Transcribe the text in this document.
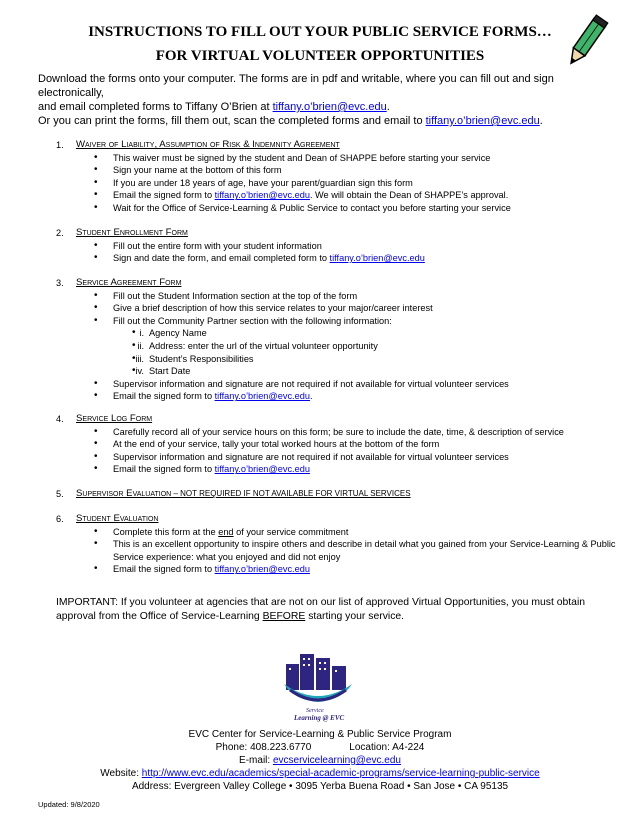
INSTRUCTIONS TO FILL OUT YOUR PUBLIC SERVICE FORMS…
FOR VIRTUAL VOLUNTEER OPPORTUNITIES

Download the forms onto your computer. The forms are in pdf and writable, where you can fill out and sign electronically,

and email completed forms to Tiffany O’Brien at tiffany.o’brien@evc.edu.

Or you can print the forms, fill them out, scan the completed forms and email to tiffany.o’brien@evc.edu.

1. Waiver of Liability, Assumption of Risk & Indemnity Agreement
• This waiver must be signed by the student and Dean of SHAPPE before starting your service
• Sign your name at the bottom of this form
• If you are under 18 years of age, have your parent/guardian sign this form
• Email the signed form to tiffany.o’brien@evc.edu. We will obtain the Dean of SHAPPE’s approval.
• Wait for the Office of Service-Learning & Public Service to contact you before starting your service
2. Student Enrollment Form
• Fill out the entire form with your student information
• Sign and date the form, and email completed form to tiffany.o’brien@evc.edu
3. Service Agreement Form
• Fill out the Student Information section at the top of the form
• Give a brief description of how this service relates to your major/career interest
• Fill out the Community Partner section with the following information:
• i. Agency Name
• ii. Address: enter the url of the virtual volunteer opportunity
• iii. Student’s Responsibilities
• iv. Start Date
• Supervisor information and signature are not required if not available for virtual volunteer services
• Email the signed form to tiffany.o’brien@evc.edu.
4. Service Log Form
• Carefully record all of your service hours on this form; be sure to include the date, time, & description of service
• At the end of your service, tally your total worked hours at the bottom of the form
• Supervisor information and signature are not required if not available for virtual volunteer services
• Email the signed form to tiffany.o’brien@evc.edu
5. Supervisor Evaluation – NOT REQUIRED IF NOT AVAILABLE FOR VIRTUAL SERVICES
6. Student Evaluation
• Complete this form at the end of your service commitment
• This is an excellent opportunity to inspire others and describe in detail what you gained from your Service-Learning & Public Service experience: what you enjoyed and did not enjoy
• Email the signed form to tiffany.o’brien@evc.edu
IMPORTANT: If you volunteer at agencies that are not on our list of approved Virtual Opportunities, you must obtain approval from the Office of Service-Learning BEFORE starting your service.
Service
Learning @ EVC

EVC Center for Service-Learning & Public Service Program

Phone: 408.223.6770	Location: A4-224

E-mail: evcservicelearning@evc.edu

Website: http://www.evc.edu/academics/special-academic-programs/service-learning-public-service

Address: Evergreen Valley College • 3095 Yerba Buena Road • San Jose • CA 95135

Updated: 9/8/2020
